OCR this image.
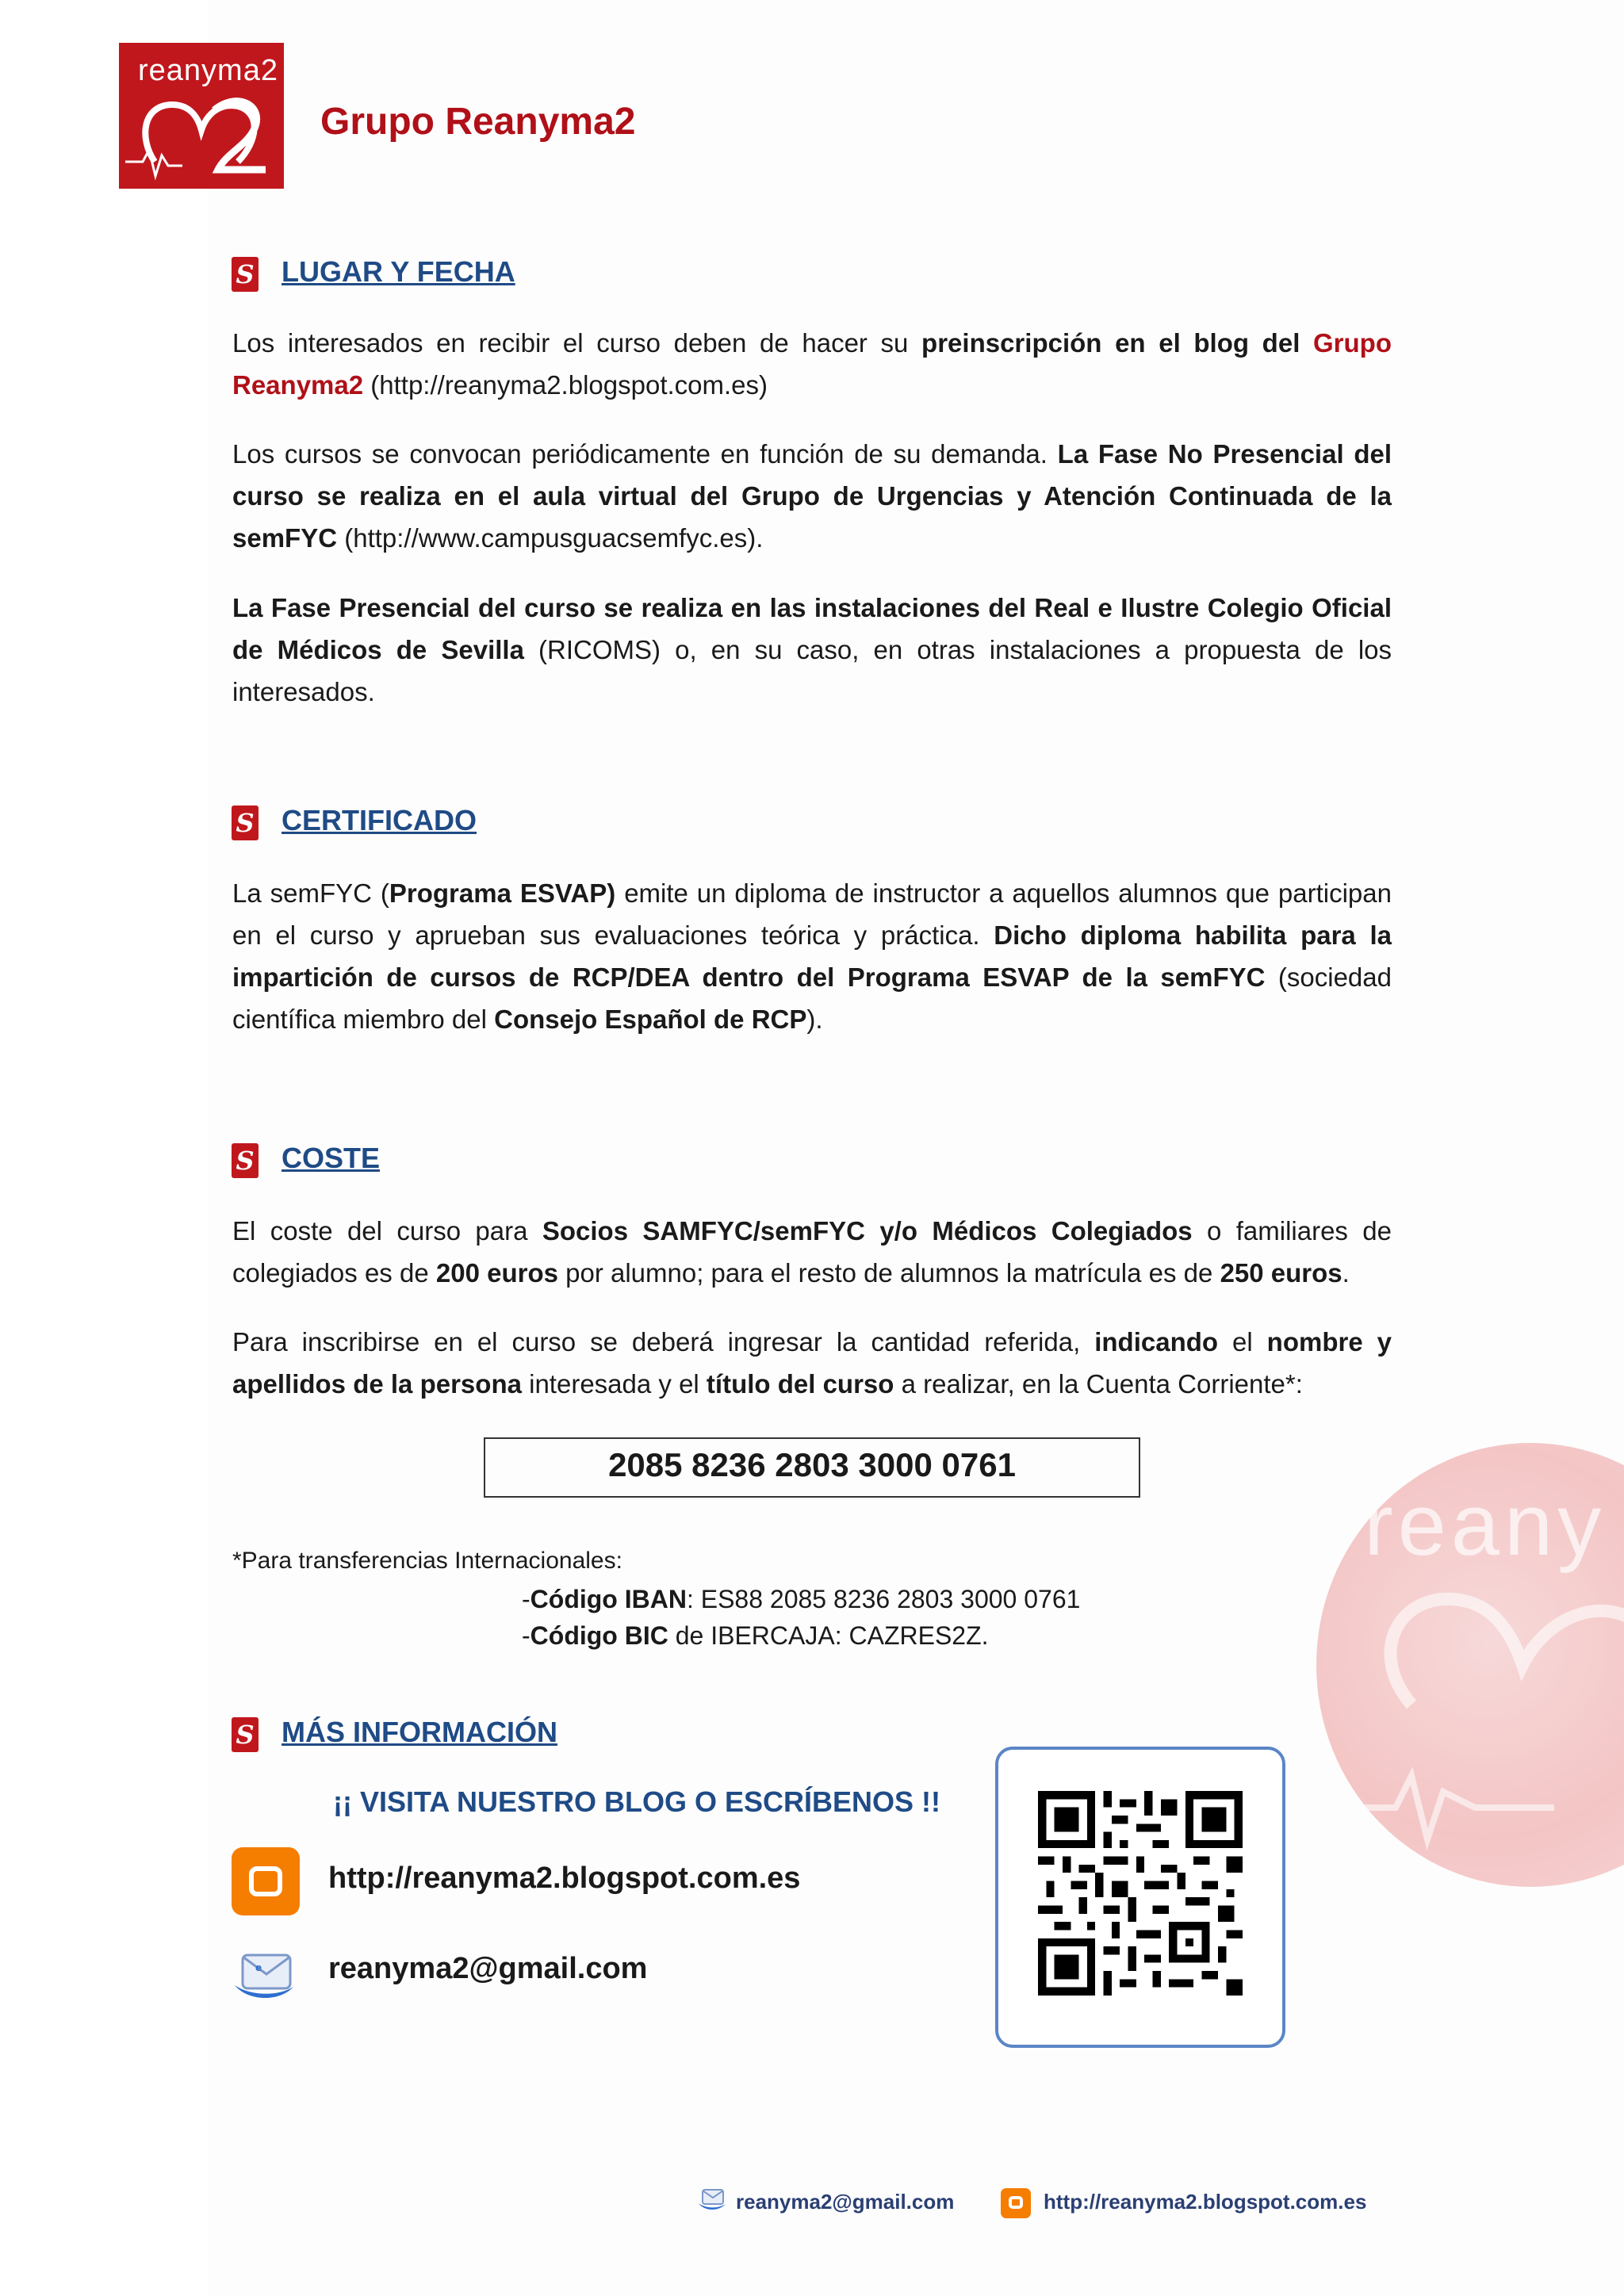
reany
reanyma2
Grupo Reanyma2
S LUGAR Y FECHA
Los interesados en recibir el curso deben de hacer su preinscripción en el blog del Grupo Reanyma2 (http://reanyma2.blogspot.com.es)
Los cursos se convocan periódicamente en función de su demanda. La Fase No Presencial del curso se realiza en el aula virtual del Grupo de Urgencias y Atención Continuada de la semFYC (http://www.campusguacsemfyc.es).
La Fase Presencial del curso se realiza en las instalaciones del Real e Ilustre Colegio Oficial de Médicos de Sevilla (RICOMS) o, en su caso, en otras instalaciones a propuesta de los interesados.
S CERTIFICADO
La semFYC (Programa ESVAP) emite un diploma de instructor a aquellos alumnos que participan en el curso y aprueban sus evaluaciones teórica y práctica. Dicho diploma habilita para la impartición de cursos de RCP/DEA dentro del Programa ESVAP de la semFYC (sociedad científica miembro del Consejo Español de RCP).
S COSTE
El coste del curso para Socios SAMFYC/semFYC y/o Médicos Colegiados o familiares de colegiados es de 200 euros por alumno; para el resto de alumnos la matrícula es de 250 euros.
Para inscribirse en el curso se deberá ingresar la cantidad referida, indicando el nombre y apellidos de la persona interesada y el título del curso a realizar, en la Cuenta Corriente*:
2085 8236 2803 3000 0761
*Para transferencias Internacionales:
-Código IBAN: ES88 2085 8236 2803 3000 0761
-Código BIC de IBERCAJA: CAZRES2Z.
S MÁS INFORMACIÓN
¡¡ VISITA NUESTRO BLOG O ESCRÍBENOS !!
http://reanyma2.blogspot.com.es
e reanyma2@gmail.com
reanyma2@gmail.com	http://reanyma2.blogspot.com.es
